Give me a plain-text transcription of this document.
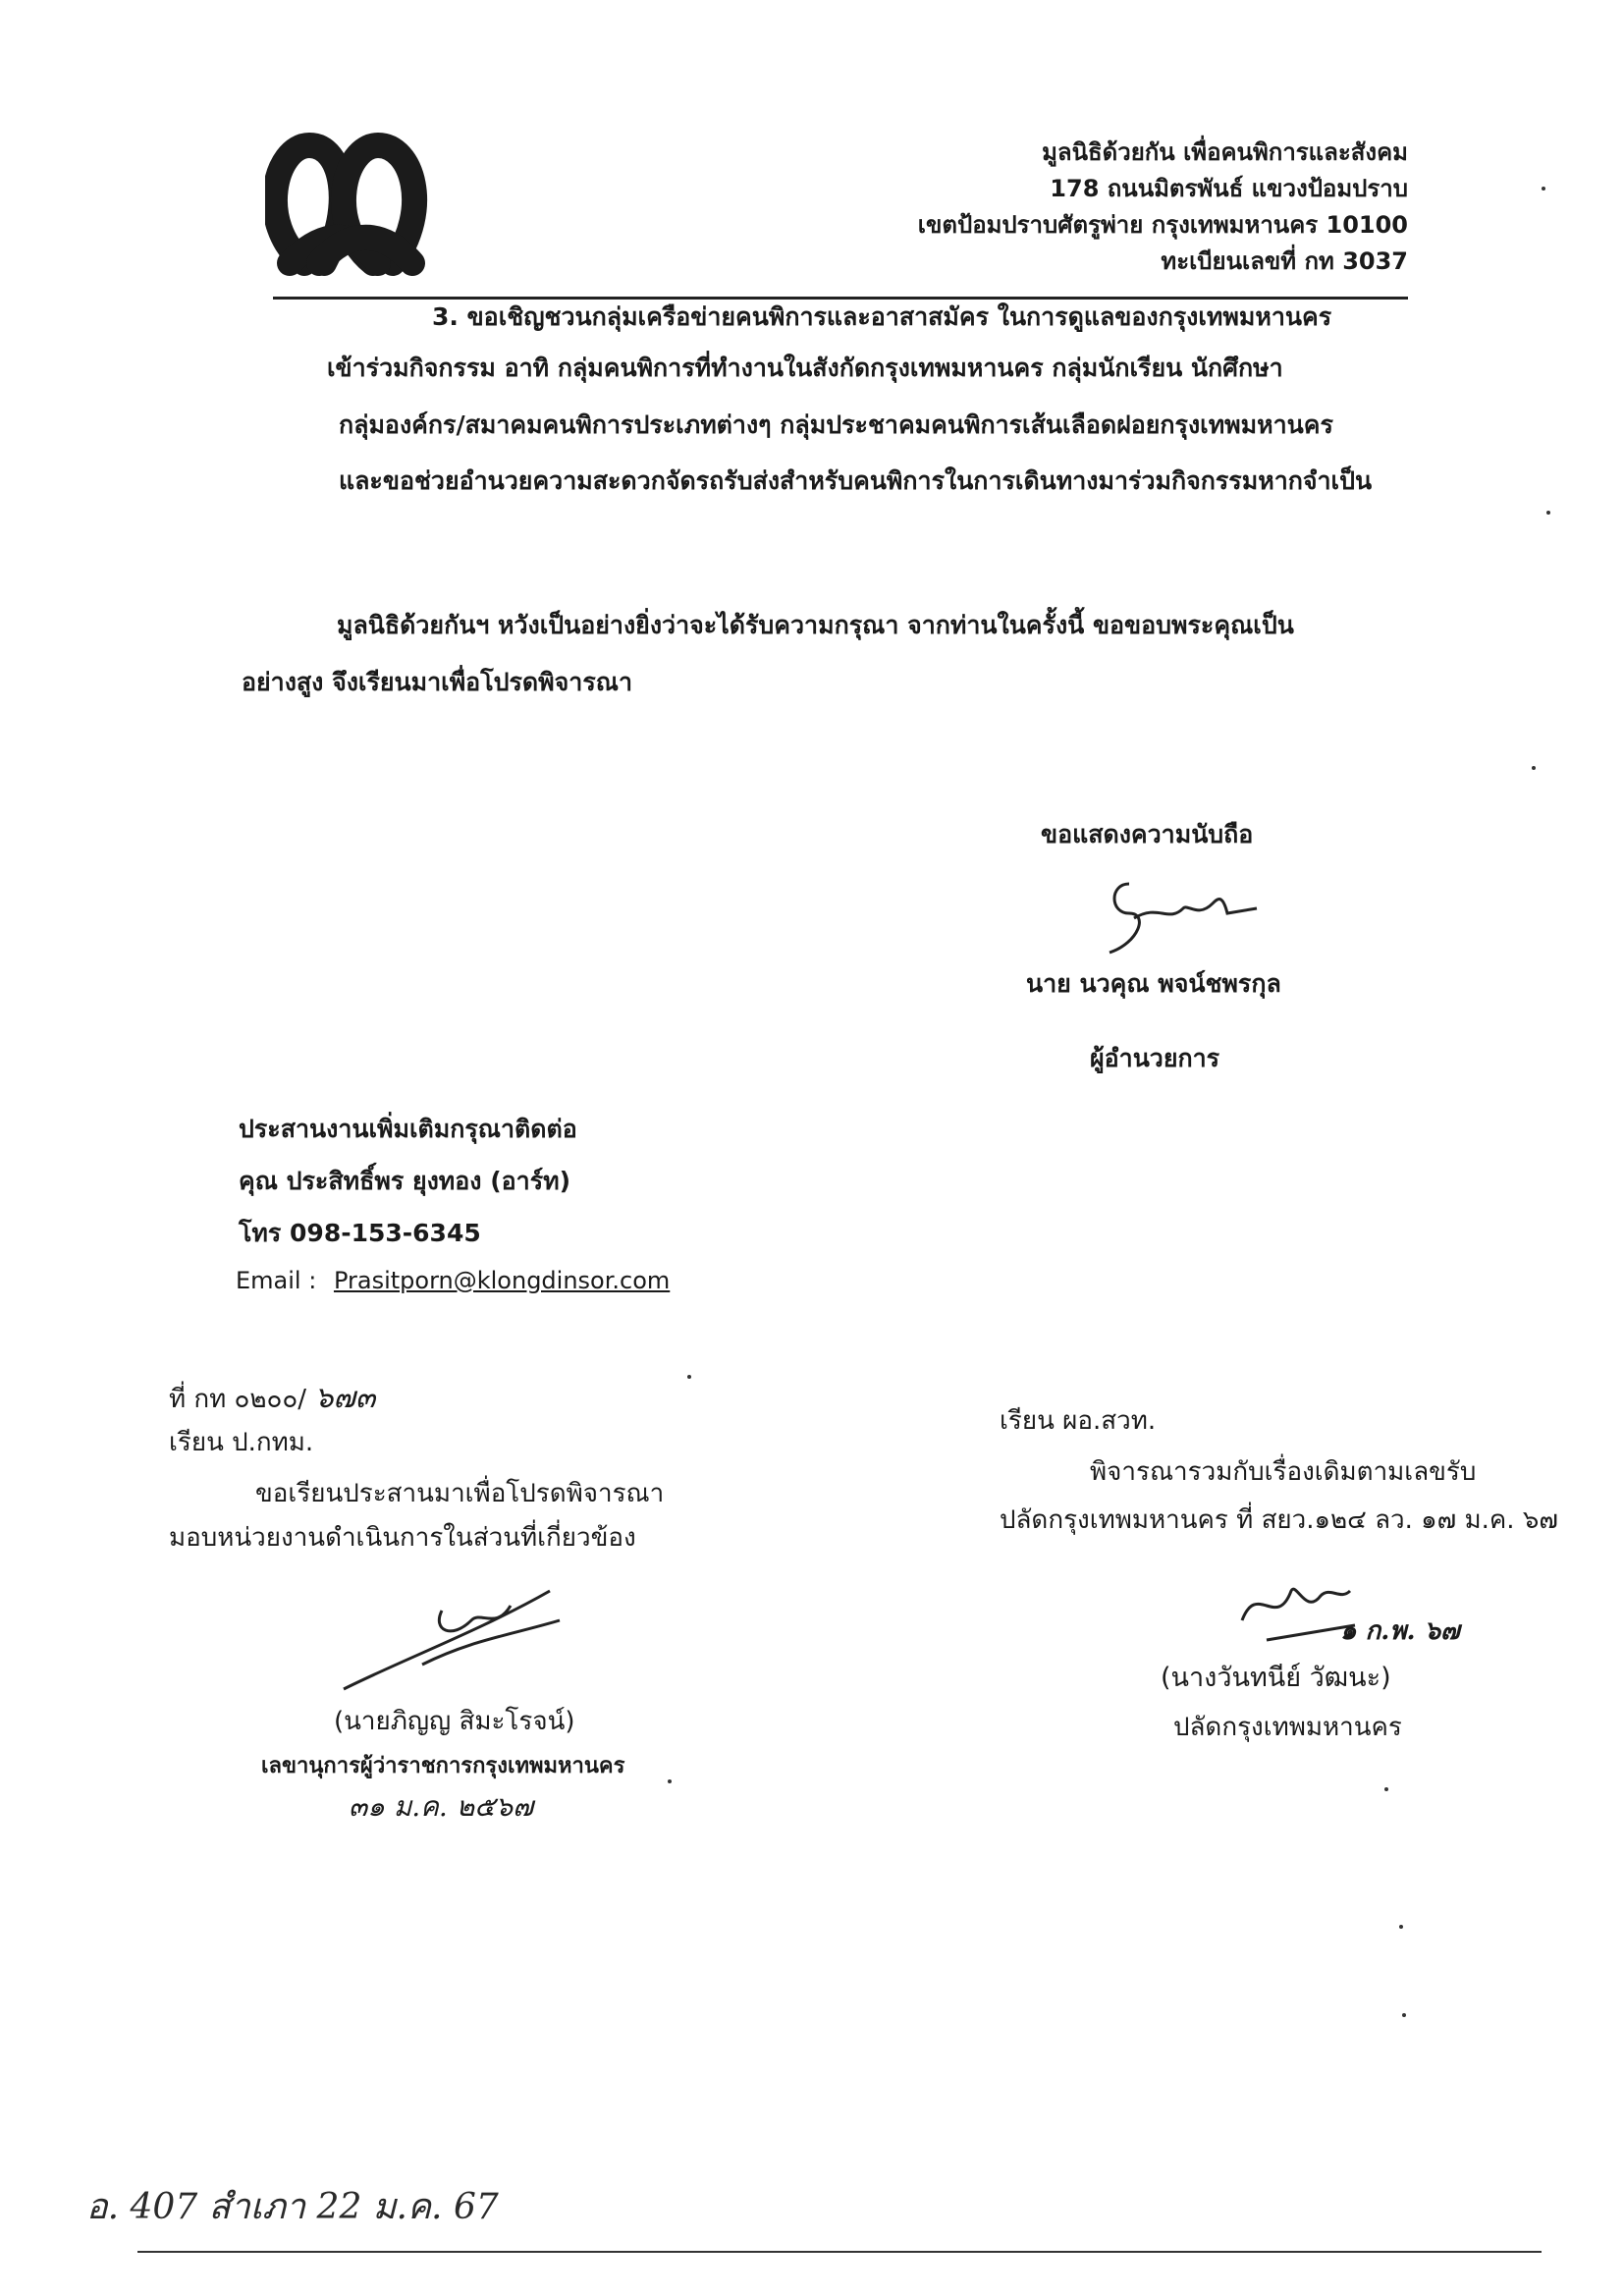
มูลนิธิด้วยกัน เพื่อคนพิการและสังคม
178 ถนนมิตรพันธ์ แขวงป้อมปราบ
เขตป้อมปราบศัตรูพ่าย กรุงเทพมหานคร 10100
ทะเบียนเลขที่ กท 3037
3. ขอเชิญชวนกลุ่มเครือข่ายคนพิการและอาสาสมัคร ในการดูแลของกรุงเทพมหานคร
เข้าร่วมกิจกรรม อาทิ กลุ่มคนพิการที่ทำงานในสังกัดกรุงเทพมหานคร กลุ่มนักเรียน นักศึกษา
กลุ่มองค์กร/สมาคมคนพิการประเภทต่างๆ กลุ่มประชาคมคนพิการเส้นเลือดฝอยกรุงเทพมหานคร
และขอช่วยอำนวยความสะดวกจัดรถรับส่งสำหรับคนพิการในการเดินทางมาร่วมกิจกรรมหากจำเป็น
มูลนิธิด้วยกันฯ หวังเป็นอย่างยิ่งว่าจะได้รับความกรุณา จากท่านในครั้งนี้ ขอขอบพระคุณเป็น
อย่างสูง จึงเรียนมาเพื่อโปรดพิจารณา
ขอแสดงความนับถือ
นาย นวคุณ พจน์ชพรกุล
ผู้อำนวยการ
ประสานงานเพิ่มเติมกรุณาติดต่อ
คุณ ประสิทธิ์พร ยุงทอง (อาร์ท)
โทร 098-153-6345
Email : Prasitporn@klongdinsor.com
ที่ กท ๐๒๐๐/ ๖๗๓
เรียน ป.กทม.
ขอเรียนประสานมาเพื่อโปรดพิจารณา
มอบหน่วยงานดำเนินการในส่วนที่เกี่ยวข้อง
(นายภิญญ สิมะโรจน์)
เลขานุการผู้ว่าราชการกรุงเทพมหานคร
๓๑ ม.ค. ๒๕๖๗
เรียน ผอ.สวท.
พิจารณารวมกับเรื่องเดิมตามเลขรับ
ปลัดกรุงเทพมหานคร ที่ สยว.๑๒๔ ลว. ๑๗ ม.ค. ๖๗
๑ ก.พ. ๖๗
(นางวันทนีย์ วัฒนะ)
ปลัดกรุงเทพมหานคร
อ. 407 สำเภา 22 ม.ค. 67
